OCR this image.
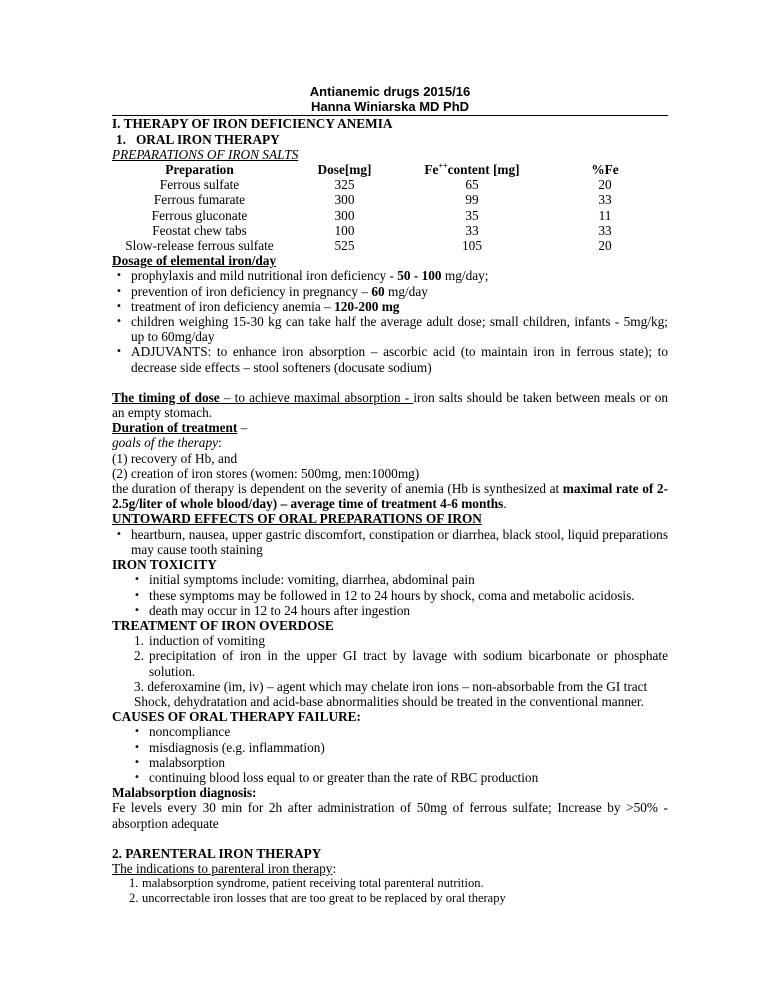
Antianemic drugs 2015/16
Hanna Winiarska MD PhD
I. THERAPY OF IRON DEFICIENCY ANEMIA
1.   ORAL IRON THERAPY
PREPARATIONS OF IRON SALTS
Preparation	Dose[mg]	Fe++content [mg]	%Fe
Ferrous sulfate	325	65	20
Ferrous fumarate	300	99	33
Ferrous gluconate	300	35	11
Feostat chew tabs	100	33	33
Slow-release ferrous sulfate	525	105	20
Dosage of elemental iron/day
• prophylaxis and mild nutritional iron deficiency - 50 - 100 mg/day;
• prevention of iron deficiency in pregnancy – 60 mg/day
• treatment of iron deficiency anemia – 120-200 mg
• children weighing 15-30 kg can take half the average adult dose; small children, infants - 5mg/kg; up to 60mg/day
• ADJUVANTS: to enhance iron absorption – ascorbic acid (to maintain iron in ferrous state); to decrease side effects – stool softeners (docusate sodium)
The timing of dose – to achieve maximal absorption - iron salts should be taken between meals or on an empty stomach.
Duration of treatment –
goals of the therapy:
(1) recovery of Hb, and
(2) creation of iron stores (women: 500mg, men:1000mg)
the duration of therapy is dependent on the severity of anemia (Hb is synthesized at maximal rate of 2-2.5g/liter of whole blood/day) – average time of treatment 4-6 months.
UNTOWARD EFFECTS OF ORAL PREPARATIONS OF IRON
• heartburn, nausea, upper gastric discomfort, constipation or diarrhea, black stool, liquid preparations may cause tooth staining
IRON TOXICITY
• initial symptoms include: vomiting, diarrhea, abdominal pain
• these symptoms may be followed in 12 to 24 hours by shock, coma and metabolic acidosis.
• death may occur in 12 to 24 hours after ingestion
TREATMENT OF IRON OVERDOSE
1. induction of vomiting
2. precipitation of iron in the upper GI tract by lavage with sodium bicarbonate or phosphate solution.
3. deferoxamine (im, iv) – agent which may chelate iron ions – non-absorbable from the GI tract
Shock, dehydratation and acid-base abnormalities should be treated in the conventional manner.
CAUSES OF ORAL THERAPY FAILURE:
• noncompliance
• misdiagnosis (e.g. inflammation)
• malabsorption
• continuing blood loss equal to or greater than the rate of RBC production
Malabsorption diagnosis:
Fe levels every 30 min for 2h after administration of 50mg of ferrous sulfate; Increase by >50% - absorption adequate
2. PARENTERAL IRON THERAPY
The indications to parenteral iron therapy:
1. malabsorption syndrome, patient receiving total parenteral nutrition.
2. uncorrectable iron losses that are too great to be replaced by oral therapy
